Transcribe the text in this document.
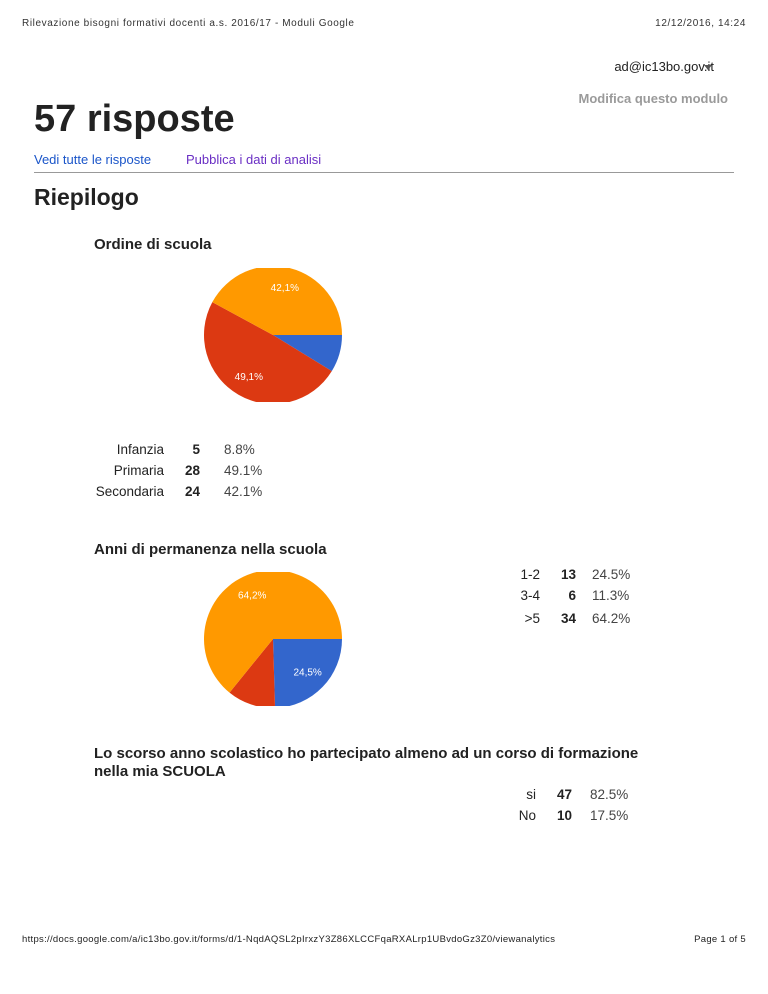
Rilevazione bisogni formativi docenti a.s. 2016/17 - Moduli Google	12/12/2016, 14:24
ad@ic13bo.gov.it
Modifica questo modulo
57 risposte
Vedi tutte le risposte	Pubblica i dati di analisi
Riepilogo
Ordine di scuola
49,1%
42,1%
Infanzia	5 8.8%
Primaria	28 49.1%
Secondaria	24 42.1%
Anni di permanenza nella scuola
24,5%
64,2%
1-2	13 24.5%
3-4	6 11.3%
>5	34 64.2%
Lo scorso anno scolastico ho partecipato almeno ad un corso di formazione
nella mia SCUOLA
si	47 82.5%
No	10 17.5%
https://docs.google.com/a/ic13bo.gov.it/forms/d/1-NqdAQSL2pIrxzY3Z86XLCCFqaRXALrp1UBvdoGz3Z0/viewanalytics	Page 1 of 5
